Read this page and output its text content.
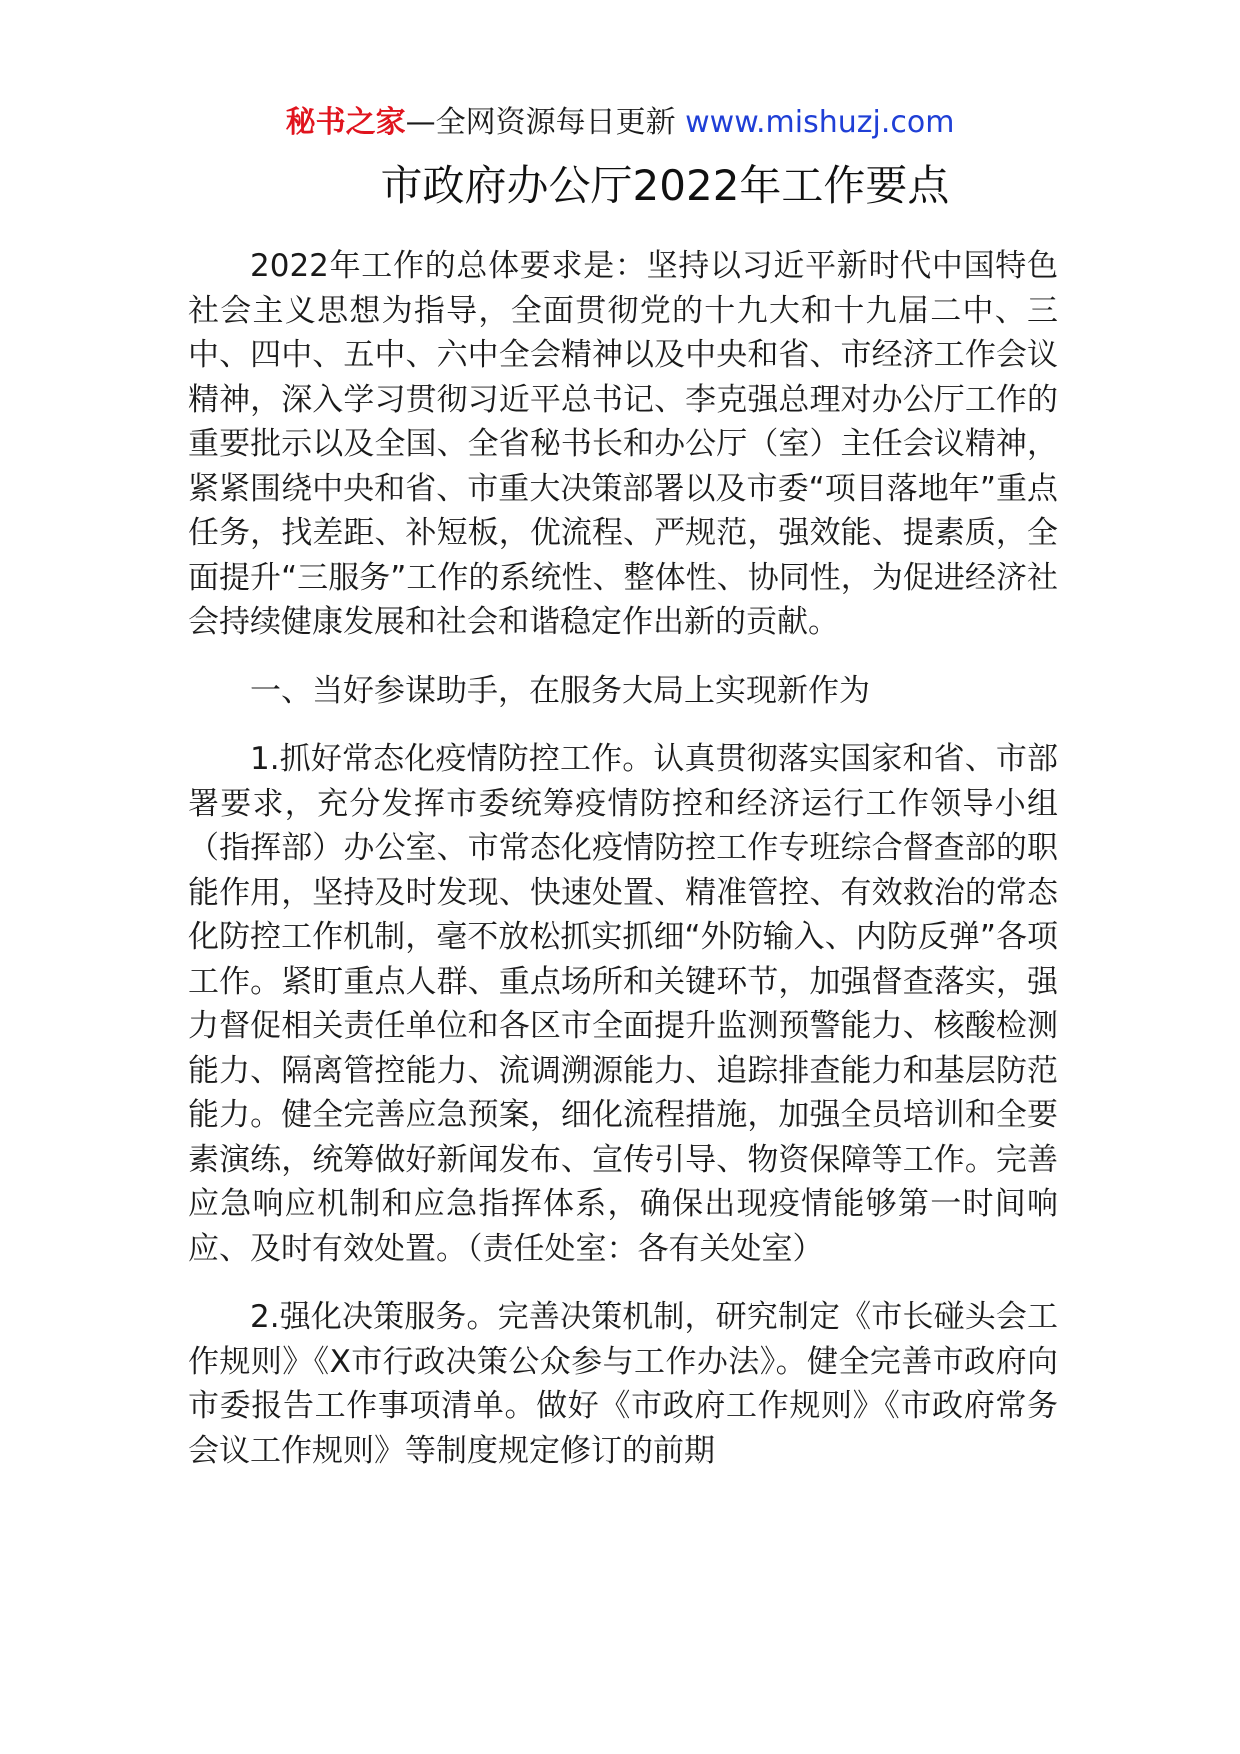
秘书之家—全网资源每日更新 www.mishuzj.com
市政府办公厅2022年工作要点

2022年工作的总体要求是：坚持以习近平新时代中国特色社会主义思想为指导，全面贯彻党的十九大和十九届二中、三中、四中、五中、六中全会精神以及中央和省、市经济工作会议精神，深入学习贯彻习近平总书记、李克强总理对办公厅工作的重要批示以及全国、全省秘书长和办公厅（室）主任会议精神，紧紧围绕中央和省、市重大决策部署以及市委“项目落地年”重点任务，找差距、补短板，优流程、严规范，强效能、提素质，全面提升“三服务”工作的系统性、整体性、协同性，为促进经济社会持续健康发展和社会和谐稳定作出新的贡献。

一、当好参谋助手，在服务大局上实现新作为

1.抓好常态化疫情防控工作。认真贯彻落实国家和省、市部署要求，充分发挥市委统筹疫情防控和经济运行工作领导小组（指挥部）办公室、市常态化疫情防控工作专班综合督查部的职能作用，坚持及时发现、快速处置、精准管控、有效救治的常态化防控工作机制，毫不放松抓实抓细“外防输入、内防反弹”各项工作。紧盯重点人群、重点场所和关键环节，加强督查落实，强力督促相关责任单位和各区市全面提升监测预警能力、核酸检测能力、隔离管控能力、流调溯源能力、追踪排查能力和基层防范能力。健全完善应急预案，细化流程措施，加强全员培训和全要素演练，统筹做好新闻发布、宣传引导、物资保障等工作。完善应急响应机制和应急指挥体系，确保出现疫情能够第一时间响应、及时有效处置。（责任处室：各有关处室）

2.强化决策服务。完善决策机制，研究制定《市长碰头会工作规则》《X市行政决策公众参与工作办法》。健全完善市政府向市委报告工作事项清单。做好《市政府工作规则》《市政府常务会议工作规则》等制度规定修订的前期
